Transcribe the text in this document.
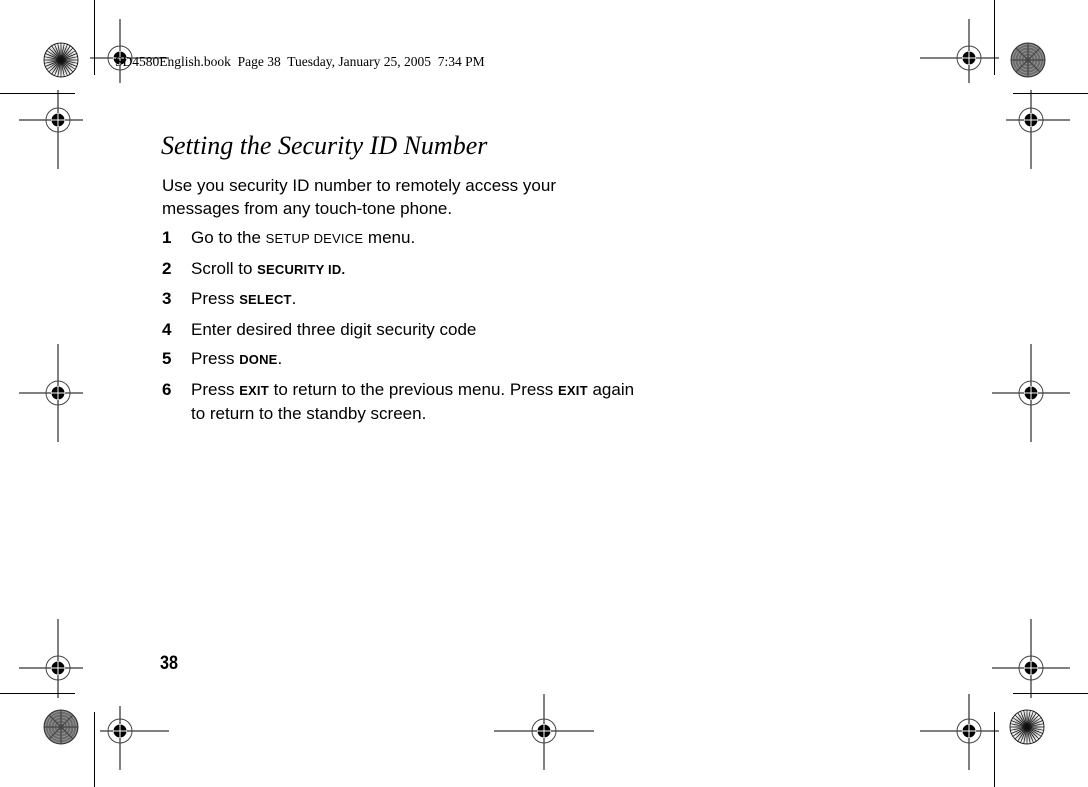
SD4580English.book  Page 38  Tuesday, January 25, 2005  7:34 PM
Setting the Security ID Number

Use you security ID number to remotely access your messages from any touch-tone phone.

1 Go to the SETUP DEVICE menu.
2 Scroll to SECURITY ID.
3 Press SELECT.
4 Enter desired three digit security code
5 Press DONE.
6 Press EXIT to return to the previous menu. Press EXIT again to return to the standby screen.
38
